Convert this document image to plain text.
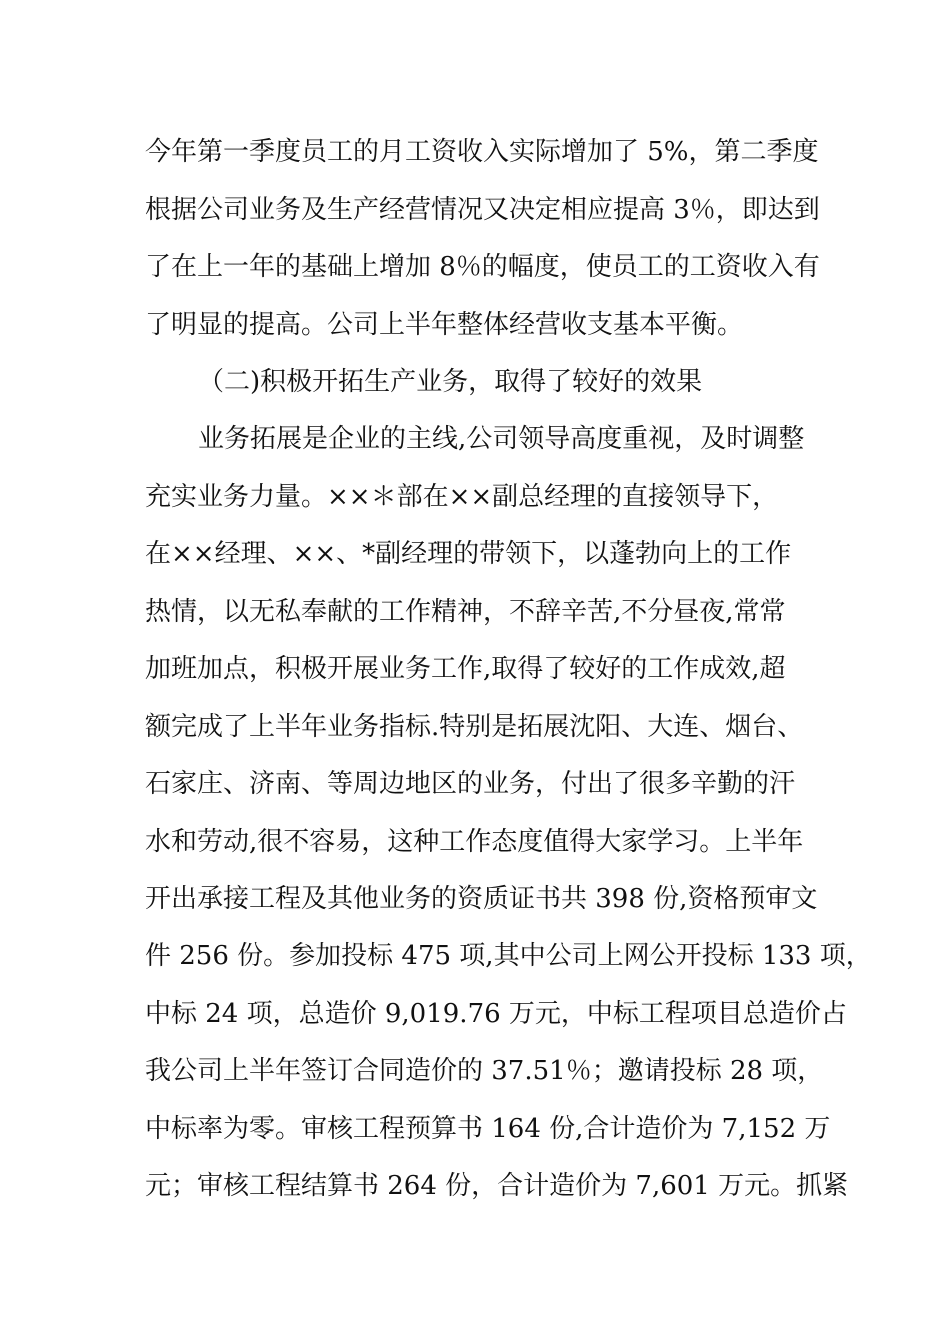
今年第一季度员工的月工资收入实际增加了 5%，第二季度
根据公司业务及生产经营情况又决定相应提高 3％，即达到
了在上一年的基础上增加 8％的幅度，使员工的工资收入有
了明显的提高。公司上半年整体经营收支基本平衡。
（二)积极开拓生产业务，取得了较好的效果
业务拓展是企业的主线,公司领导高度重视，及时调整
充实业务力量。××＊部在××副总经理的直接领导下，
在××经理、××、*副经理的带领下，以蓬勃向上的工作
热情，以无私奉献的工作精神，不辞辛苦,不分昼夜,常常
加班加点，积极开展业务工作,取得了较好的工作成效,超
额完成了上半年业务指标.特别是拓展沈阳、大连、烟台、
石家庄、济南、等周边地区的业务，付出了很多辛勤的汗
水和劳动,很不容易，这种工作态度值得大家学习。上半年
开出承接工程及其他业务的资质证书共 398 份,资格预审文
件 256 份。参加投标 475 项,其中公司上网公开投标 133 项，
中标 24 项，总造价 9,019.76 万元，中标工程项目总造价占
我公司上半年签订合同造价的 37.51％；邀请投标 28 项，
中标率为零。审核工程预算书 164 份,合计造价为 7,152 万
元；审核工程结算书 264 份，合计造价为 7,601 万元。抓紧
